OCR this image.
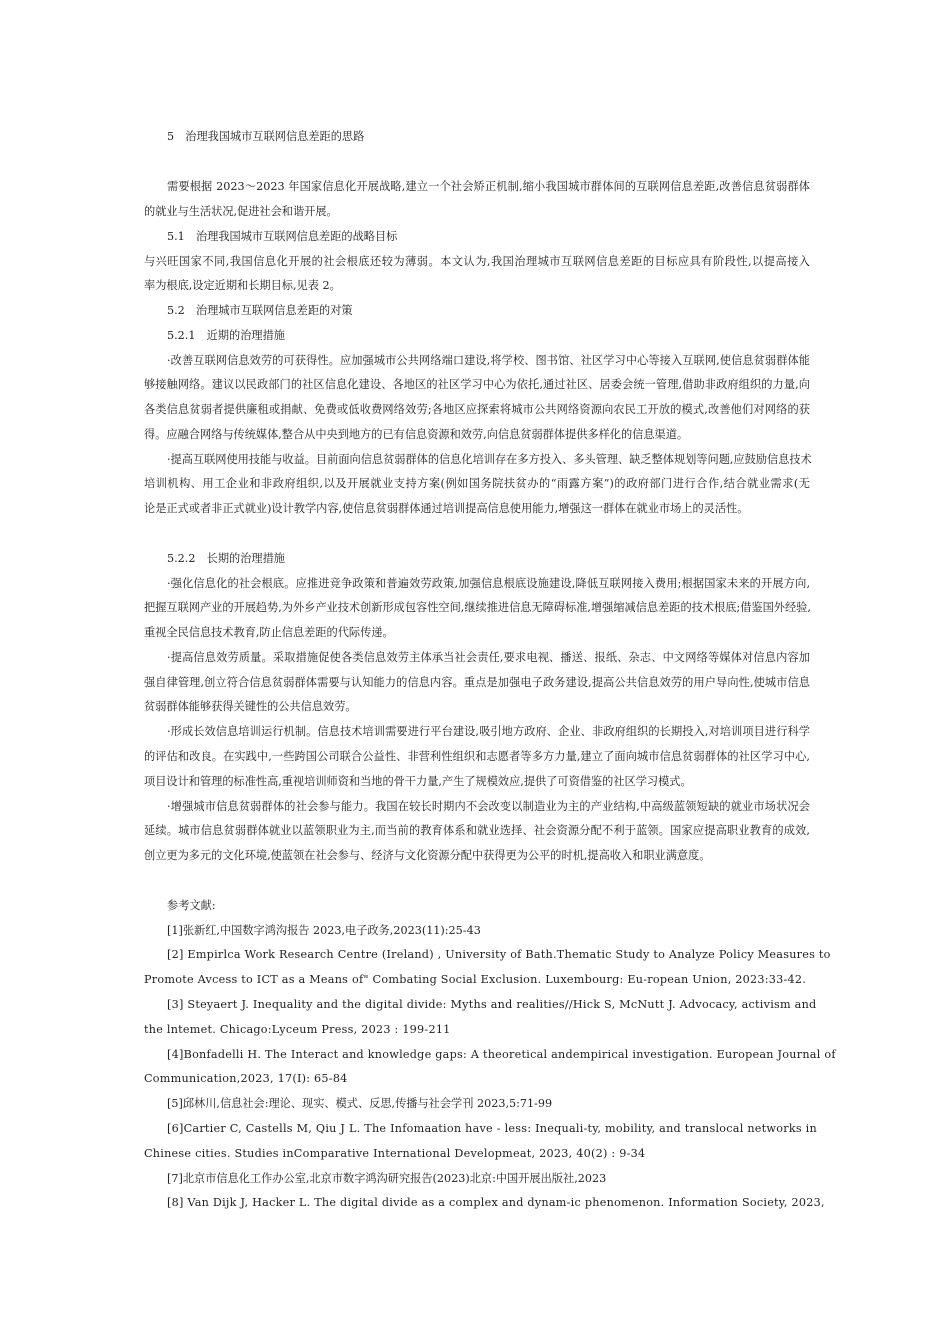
5　治理我国城市互联网信息差距的思路
需要根据 2023～2023 年国家信息化开展战略,建立一个社会矫正机制,缩小我国城市群体间的互联网信息差距,改善信息贫弱群体
的就业与生活状况,促进社会和谐开展。
5.1　治理我国城市互联网信息差距的战略目标
与兴旺国家不同,我国信息化开展的社会根底还较为薄弱。本文认为,我国治理城市互联网信息差距的目标应具有阶段性,以提高接入
率为根底,设定近期和长期目标,见表 2。
5.2　治理城市互联网信息差距的对策
5.2.1　近期的治理措施
·改善互联网信息效劳的可获得性。应加强城市公共网络端口建设,将学校、图书馆、社区学习中心等接入互联网,使信息贫弱群体能
够接触网络。建议以民政部门的社区信息化建设、各地区的社区学习中心为依托,通过社区、居委会统一管理,借助非政府组织的力量,向
各类信息贫弱者提供廉租或捐献、免费或低收费网络效劳;各地区应探索将城市公共网络资源向农民工开放的模式,改善他们对网络的获
得。应融合网络与传统媒体,整合从中央到地方的已有信息资源和效劳,向信息贫弱群体提供多样化的信息渠道。
·提高互联网使用技能与收益。目前面向信息贫弱群体的信息化培训存在多方投入、多头管理、缺乏整体规划等问题,应鼓励信息技术
培训机构、用工企业和非政府组织,以及开展就业支持方案(例如国务院扶贫办的“雨露方案”)的政府部门进行合作,结合就业需求(无
论是正式或者非正式就业)设计教学内容,使信息贫弱群体通过培训提高信息使用能力,增强这一群体在就业市场上的灵活性。
5.2.2　长期的治理措施
·强化信息化的社会根底。应推进竞争政策和普遍效劳政策,加强信息根底设施建设,降低互联网接入费用;根据国家未来的开展方向,
把握互联网产业的开展趋势,为外乡产业技术创新形成包容性空间,继续推进信息无障碍标准,增强缩减信息差距的技术根底;借鉴国外经验,
重视全民信息技术教育,防止信息差距的代际传递。
·提高信息效劳质量。采取措施促使各类信息效劳主体承当社会责任,要求电视、播送、报纸、杂志、中文网络等媒体对信息内容加
强自律管理,创立符合信息贫弱群体需要与认知能力的信息内容。重点是加强电子政务建设,提高公共信息效劳的用户导向性,使城市信息
贫弱群体能够获得关键性的公共信息效劳。
·形成长效信息培训运行机制。信息技术培训需要进行平台建设,吸引地方政府、企业、非政府组织的长期投入,对培训项目进行科学
的评估和改良。在实践中,一些跨国公司联合公益性、非营利性组织和志愿者等多方力量,建立了面向城市信息贫弱群体的社区学习中心,
项目设计和管理的标准性高,重视培训师资和当地的骨干力量,产生了规模效应,提供了可资借鉴的社区学习模式。
·增强城市信息贫弱群体的社会参与能力。我国在较长时期内不会改变以制造业为主的产业结构,中高级蓝领短缺的就业市场状况会
延续。城市信息贫弱群体就业以蓝领职业为主,而当前的教育体系和就业选择、社会资源分配不利于蓝领。国家应提高职业教育的成效,
创立更为多元的文化环境,使蓝领在社会参与、经济与文化资源分配中获得更为公平的时机,提高收入和职业满意度。
参考文献:
[1]张新红,中国数字鸿沟报告 2023,电子政务,2023(11):25-43
[2] Empirlca Work Research Centre (Ireland) , University of Bath.Thematic Study to Analyze Policy Measures to
Promote Avcess to ICT as a Means of" Combating Social Exclusion. Luxembourg: Eu-ropean Union, 2023:33-42.
[3] Steyaert J. Inequality and the digital divide: Myths and realities//Hick S, McNutt J. Advocacy, activism and
the lntemet. Chicago:Lyceum Press, 2023 : 199-211
[4]Bonfadelli H. The Interact and knowledge gaps: A theoretical andempirical investigation. European Journal of
Communication,2023, 17(I): 65-84
[5]邱林川,信息社会:理论、现实、模式、反思,传播与社会学刊 2023,5:71-99
[6]Cartier C, Castells M, Qiu J L. The Infomaation have - less: Inequali-ty, mobility, and translocal networks in
Chinese cities. Studies inComparative International Developmeat, 2023, 40(2) : 9-34
[7]北京市信息化工作办公室,北京市数字鸿沟研究报告(2023)北京:中国开展出版社,2023
[8] Van Dijk J, Hacker L. The digital divide as a complex and dynam-ic phenomenon. Information Society, 2023,
